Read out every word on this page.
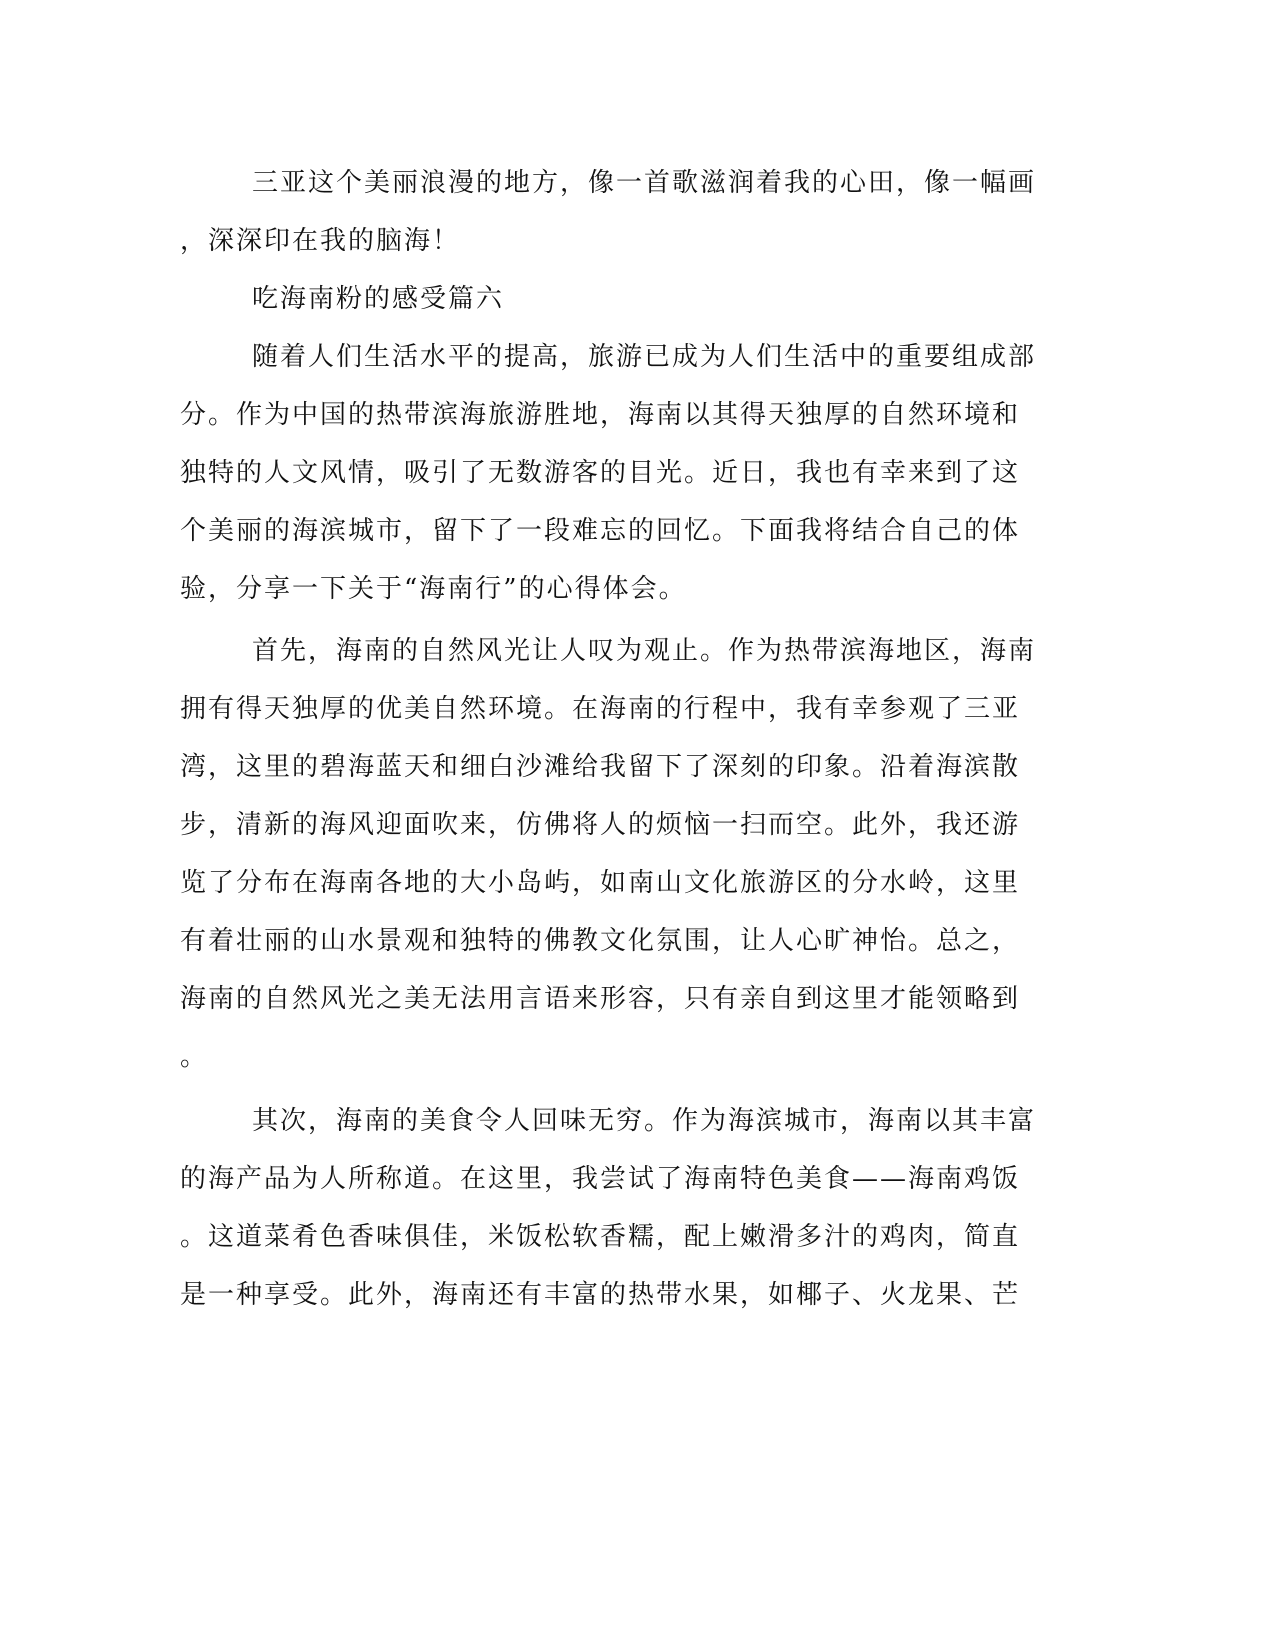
三亚这个美丽浪漫的地方，像一首歌滋润着我的心田，像一幅画
，深深印在我的脑海！
吃海南粉的感受篇六
随着人们生活水平的提高，旅游已成为人们生活中的重要组成部
分。作为中国的热带滨海旅游胜地，海南以其得天独厚的自然环境和
独特的人文风情，吸引了无数游客的目光。近日，我也有幸来到了这
个美丽的海滨城市，留下了一段难忘的回忆。下面我将结合自己的体
验，分享一下关于“海南行”的心得体会。
首先，海南的自然风光让人叹为观止。作为热带滨海地区，海南
拥有得天独厚的优美自然环境。在海南的行程中，我有幸参观了三亚
湾，这里的碧海蓝天和细白沙滩给我留下了深刻的印象。沿着海滨散
步，清新的海风迎面吹来，仿佛将人的烦恼一扫而空。此外，我还游
览了分布在海南各地的大小岛屿，如南山文化旅游区的分水岭，这里
有着壮丽的山水景观和独特的佛教文化氛围，让人心旷神怡。总之，
海南的自然风光之美无法用言语来形容，只有亲自到这里才能领略到
。
其次，海南的美食令人回味无穷。作为海滨城市，海南以其丰富
的海产品为人所称道。在这里，我尝试了海南特色美食——海南鸡饭
。这道菜肴色香味俱佳，米饭松软香糯，配上嫩滑多汁的鸡肉，简直
是一种享受。此外，海南还有丰富的热带水果，如椰子、火龙果、芒
